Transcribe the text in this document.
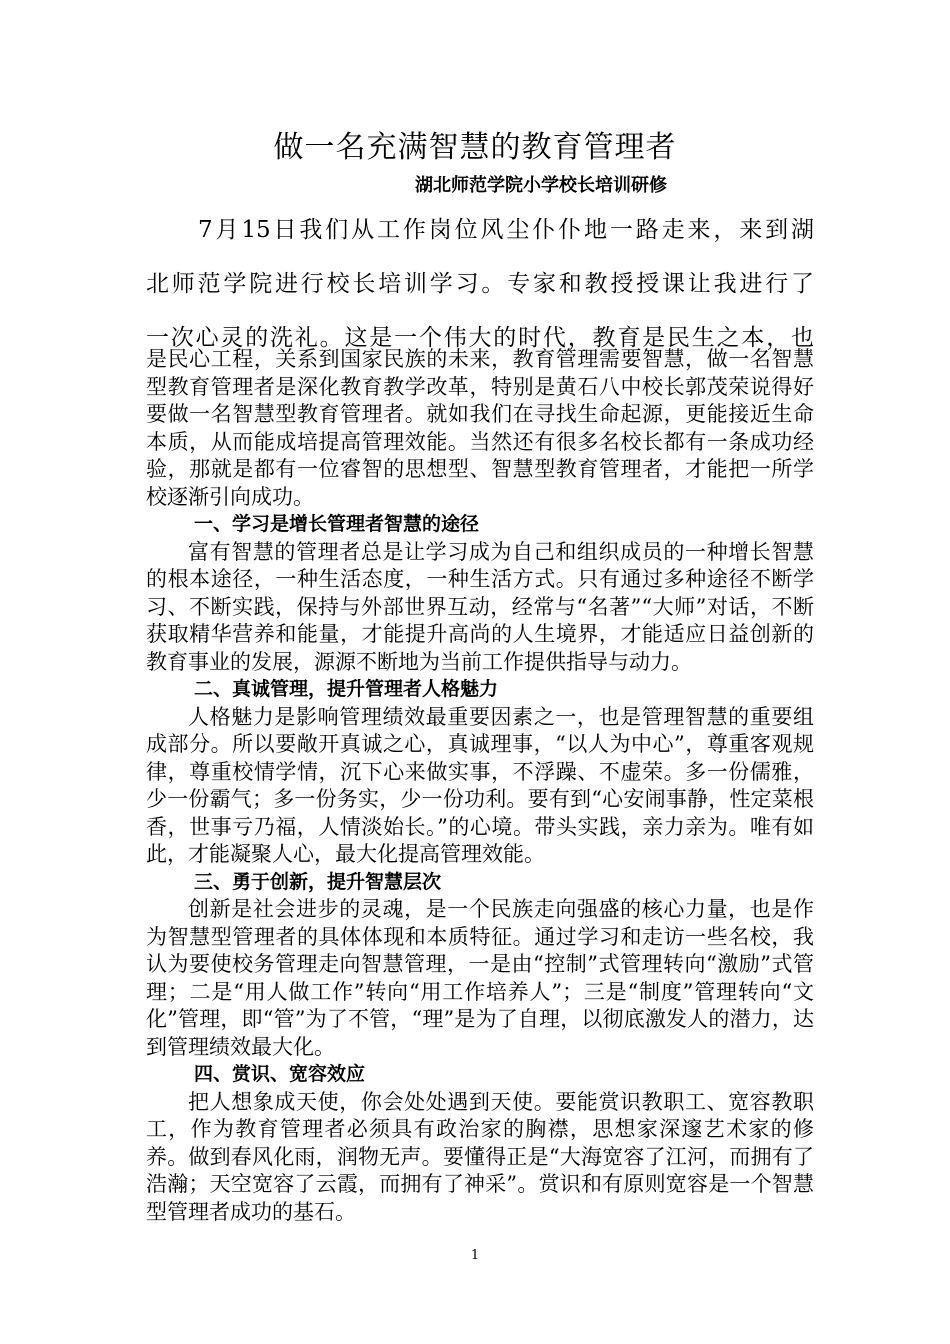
做一名充满智慧的教育管理者
湖北师范学院小学校长培训研修

7月15日我们从工作岗位风尘仆仆地一路走来，来到湖
北师范学院进行校长培训学习。专家和教授授课让我进行了
一次心灵的洗礼。这是一个伟大的时代，教育是民生之本，也

是民心工程，关系到国家民族的未来，教育管理需要智慧，做一名智慧型教育管理者是深化教育教学改革，特别是黄石八中校长郭茂荣说得好要做一名智慧型教育管理者。就如我们在寻找生命起源，更能接近生命本质，从而能成培提高管理效能。当然还有很多名校长都有一条成功经验，那就是都有一位睿智的思想型、智慧型教育管理者，才能把一所学校逐渐引向成功。

一、学习是增长管理者智慧的途径

富有智慧的管理者总是让学习成为自己和组织成员的一种增长智慧的根本途径，一种生活态度，一种生活方式。只有通过多种途径不断学习、不断实践，保持与外部世界互动，经常与“名著”“大师”对话，不断获取精华营养和能量，才能提升高尚的人生境界，才能适应日益创新的教育事业的发展，源源不断地为当前工作提供指导与动力。

二、真诚管理，提升管理者人格魅力

人格魅力是影响管理绩效最重要因素之一，也是管理智慧的重要组成部分。所以要敞开真诚之心，真诚理事，“以人为中心”，尊重客观规律，尊重校情学情，沉下心来做实事，不浮躁、不虚荣。多一份儒雅，少一份霸气；多一份务实，少一份功利。要有到“心安闹事静，性定菜根香，世事亏乃福，人情淡始长。”的心境。带头实践，亲力亲为。唯有如此，才能凝聚人心，最大化提高管理效能。

三、勇于创新，提升智慧层次

创新是社会进步的灵魂，是一个民族走向强盛的核心力量，也是作为智慧型管理者的具体体现和本质特征。通过学习和走访一些名校，我认为要使校务管理走向智慧管理，一是由“控制”式管理转向“激励”式管理；二是“用人做工作”转向“用工作培养人”；三是“制度”管理转向“文化”管理，即“管”为了不管，“理”是为了自理，以彻底激发人的潜力，达到管理绩效最大化。

四、赏识、宽容效应

把人想象成天使，你会处处遇到天使。要能赏识教职工、宽容教职工，作为教育管理者必须具有政治家的胸襟，思想家深邃艺术家的修养。做到春风化雨，润物无声。要懂得正是“大海宽容了江河，而拥有了浩瀚；天空宽容了云霞，而拥有了神采”。赏识和有原则宽容是一个智慧型管理者成功的基石。

1
